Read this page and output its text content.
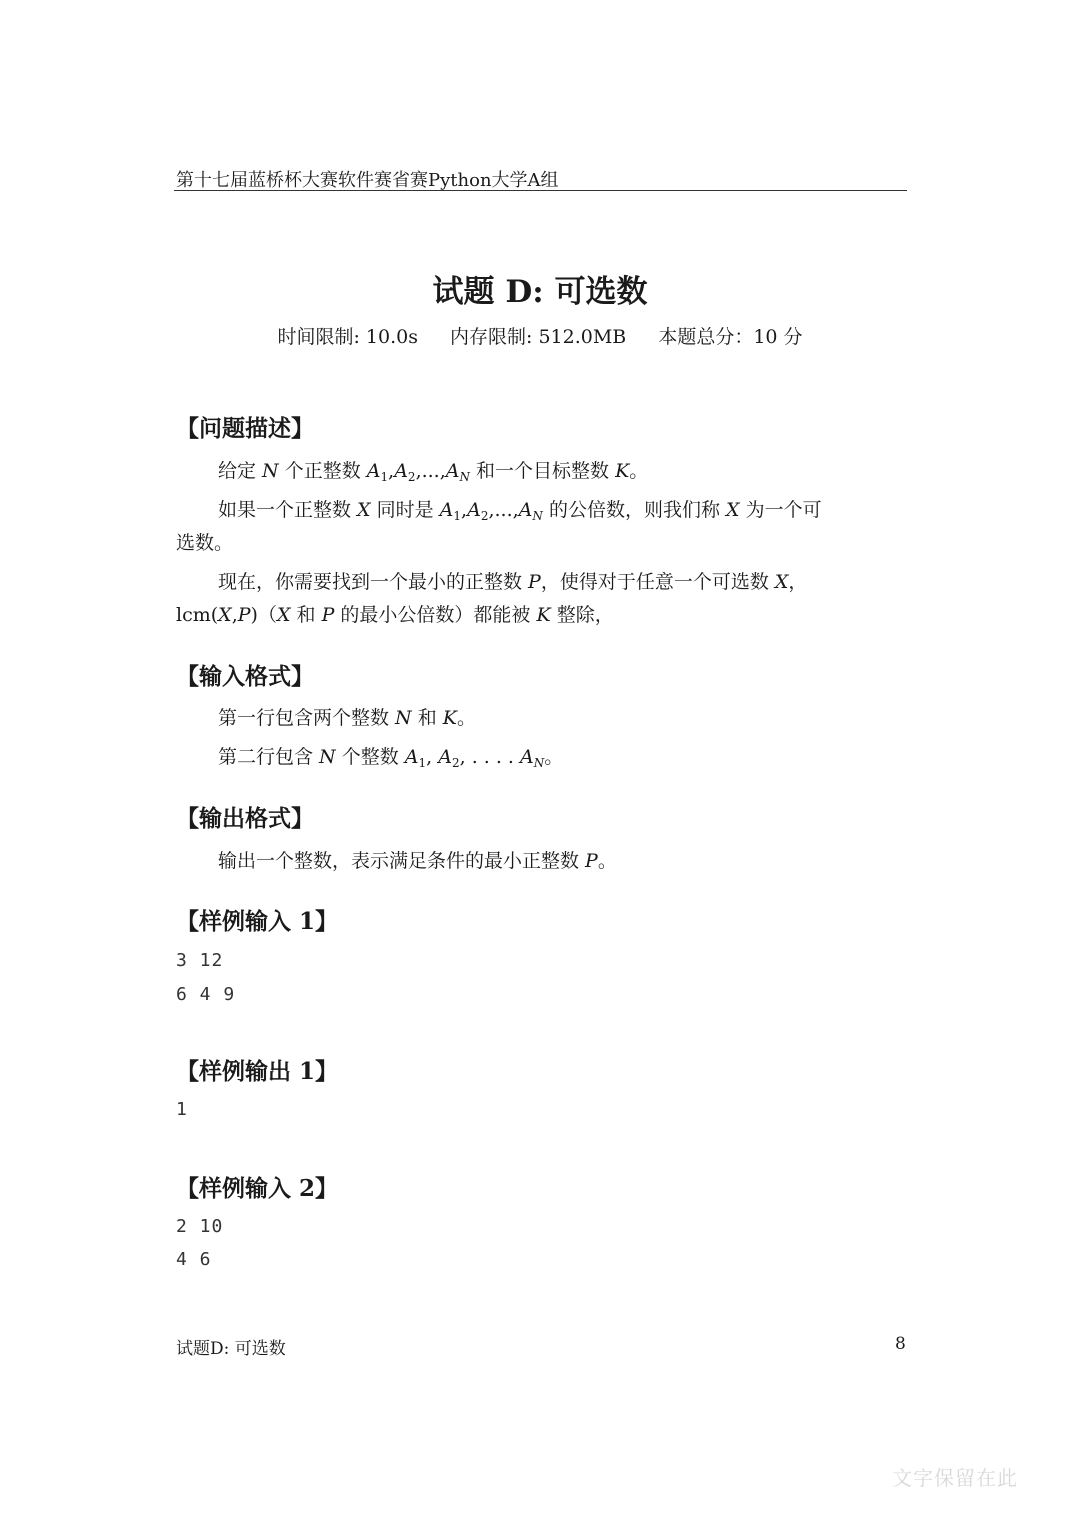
第十七届蓝桥杯大赛软件赛省赛Python大学A组
试题 D: 可选数
时间限制: 10.0s 内存限制: 512.0MB 本题总分：10 分
【问题描述】
给定 N 个正整数 $A_1,A_2,...,A_N$ 和一个目标整数 K。
如果一个正整数 X 同时是 $A_1,A_2,...,A_N$ 的公倍数，则我们称 X 为一个可
选数。
现在，你需要找到一个最小的正整数 P，使得对于任意一个可选数 X，
lcm(X,P)（X 和 P 的最小公倍数）都能被 K 整除，
【输入格式】
第一行包含两个整数 N 和 K。
第二行包含 N 个整数 $A_1$, $A_2$, . . . . $A_N$。
【输出格式】
输出一个整数，表示满足条件的最小正整数 P。
【样例输入 1】
3 12
6 4 9
【样例输出 1】
1
【样例输入 2】
2 10
4 6
试题D: 可选数	8
文字保留在此
